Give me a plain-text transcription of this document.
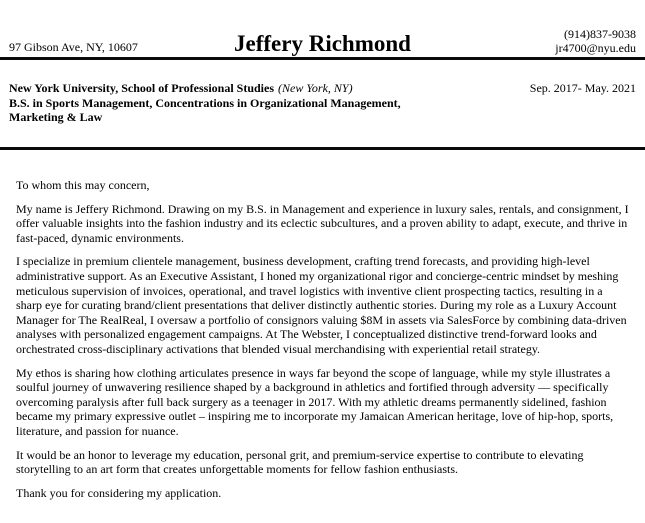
97 Gibson Ave, NY, 10607	Jeffery Richmond	(914)837-9038
jr4700@nyu.edu
New York University, School of Professional Studies (New York, NY)	Sep. 2017- May. 2021
B.S. in Sports Management, Concentrations in Organizational Management,
Marketing & Law

To whom this may concern,

My name is Jeffery Richmond. Drawing on my B.S. in Management and experience in luxury sales, rentals, and consignment, I offer valuable insights into the fashion industry and its eclectic subcultures, and a proven ability to adapt, execute, and thrive in fast-paced, dynamic environments.

I specialize in premium clientele management, business development, crafting trend forecasts, and providing high-level administrative support. As an Executive Assistant, I honed my organizational rigor and concierge-centric mindset by meshing meticulous supervision of invoices, operational, and travel logistics with inventive client prospecting tactics, resulting in a sharp eye for curating brand/client presentations that deliver distinctly authentic stories. During my role as a Luxury Account Manager for The RealReal, I oversaw a portfolio of consignors valuing $8M in assets via SalesForce by combining data-driven analyses with personalized engagement campaigns. At The Webster, I conceptualized distinctive trend-forward looks and orchestrated cross-disciplinary activations that blended visual merchandising with experiential retail strategy.

My ethos is sharing how clothing articulates presence in ways far beyond the scope of language, while my style illustrates a soulful journey of unwavering resilience shaped by a background in athletics and fortified through adversity — specifically overcoming paralysis after full back surgery as a teenager in 2017. With my athletic dreams permanently sidelined, fashion became my primary expressive outlet – inspiring me to incorporate my Jamaican American heritage, love of hip-hop, sports, literature, and passion for nuance.

It would be an honor to leverage my education, personal grit, and premium-service expertise to contribute to elevating storytelling to an art form that creates unforgettable moments for fellow fashion enthusiasts.

Thank you for considering my application.
